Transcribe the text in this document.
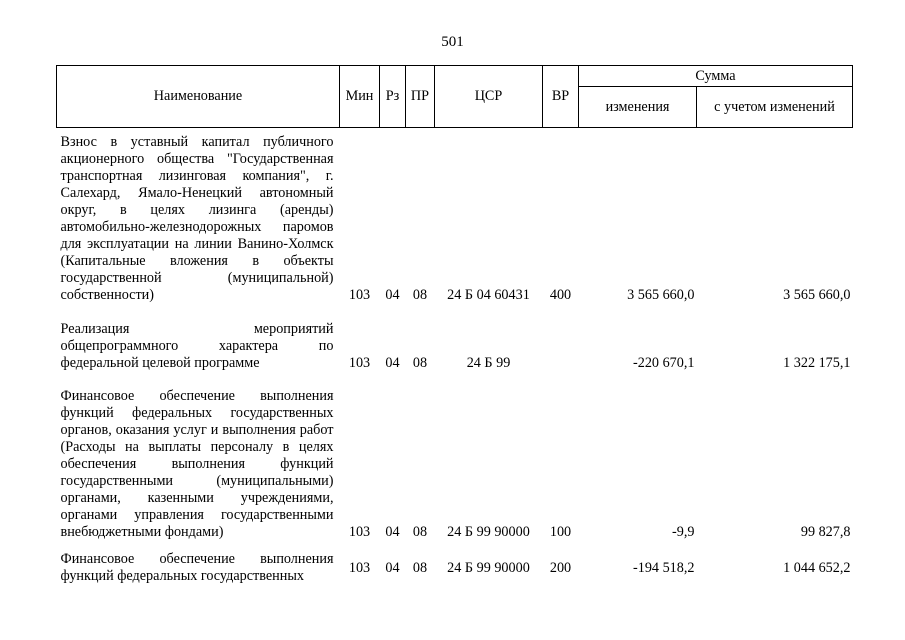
501
Наименование	Мин	Рз	ПР	ЦСР	ВР	Сумма	
						изменения	с учетом изменений
Взнос в уставный капитал публичного акционерного общества "Государственная транспортная лизинговая компания", г. Салехард, Ямало-Ненецкий автономный округ, в целях лизинга (аренды) автомобильно-железнодорожных паромов для эксплуатации на линии Ванино-Холмск (Капитальные вложения в объекты государственной (муниципальной) собственности)	103	04	08	24 Б 04 60431	400	3 565 660,0	3 565 660,0
Реализация мероприятий общепрограммного характера по федеральной целевой программе	103	04	08	24 Б 99		-220 670,1	1 322 175,1
Финансовое обеспечение выполнения функций федеральных государственных органов, оказания услуг и выполнения работ (Расходы на выплаты персоналу в целях обеспечения выполнения функций государственными (муниципальными) органами, казенными учреждениями, органами управления государственными внебюджетными фондами)	103	04	08	24 Б 99 90000	100	-9,9	99 827,8
Финансовое обеспечение выполнения функций федеральных государственных	103	04	08	24 Б 99 90000	200	-194 518,2	1 044 652,2
